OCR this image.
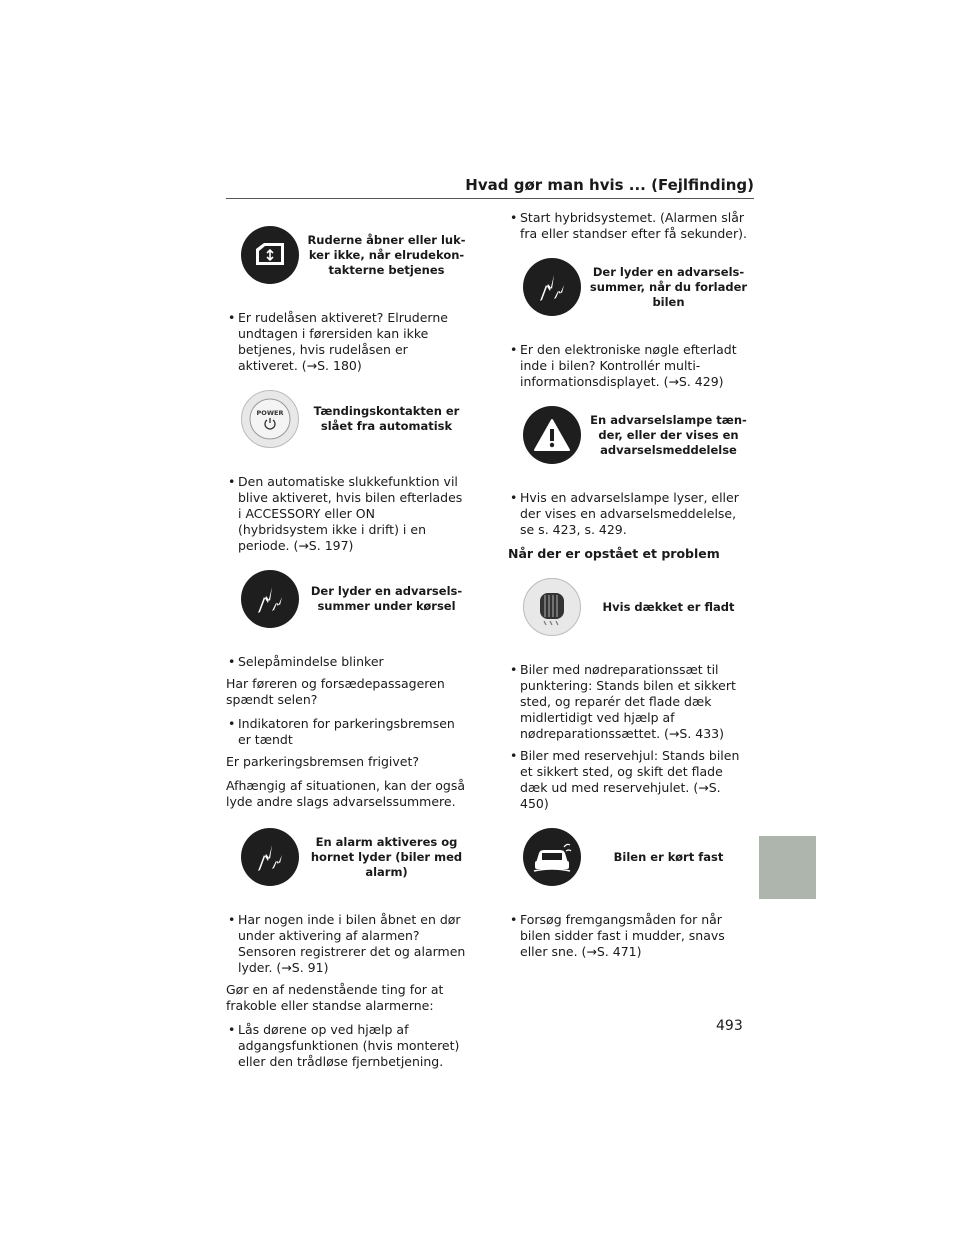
Hvad gør man hvis ... (Fejlfinding)
Ruderne åbner eller luk-ker ikke, når elrudekon-takterne betjenes
• Er rudelåsen aktiveret? Elruderne undtagen i førersiden kan ikke betjenes, hvis rudelåsen er aktiveret. (→S. 180)
POWER	Tændingskontakten er slået fra automatisk
• Den automatiske slukkefunktion vil blive aktiveret, hvis bilen efterlades i ACCESSORY eller ON (hybridsystem ikke i drift) i en periode. (→S. 197)
Der lyder en advarsels-summer under kørsel
• Selepåmindelse blinker

Har føreren og forsædepassageren spændt selen?

• Indikatoren for parkeringsbremsen er tændt

Er parkeringsbremsen frigivet?

Afhængig af situationen, kan der også lyde andre slags advarselssummere.

En alarm aktiveres og hornet lyder (biler med alarm)
• Har nogen inde i bilen åbnet en dør under aktivering af alarmen? Sensoren registrerer det og alarmen lyder. (→S. 91)

Gør en af nedenstående ting for at frakoble eller standse alarmerne:

• Lås dørene op ved hjælp af adgangsfunktionen (hvis monteret) eller den trådløse fjernbetjening.
• Start hybridsystemet. (Alarmen slår fra eller standser efter få sekunder).
Der lyder en advarsels-summer, når du forlader bilen
• Er den elektroniske nøgle efterladt inde i bilen? Kontrollér multi-informationsdisplayet. (→S. 429)
En advarselslampe tæn-der, eller der vises en advarselsmeddelelse
• Hvis en advarselslampe lyser, eller der vises en advarselsmeddelelse, se s. 423, s. 429.
Når der er opstået et problem
Hvis dækket er fladt
• Biler med nødreparationssæt til punktering: Stands bilen et sikkert sted, og reparér det flade dæk midlertidigt ved hjælp af nødreparationssættet. (→S. 433)
• Biler med reservehjul: Stands bilen et sikkert sted, og skift det flade dæk ud med reservehjulet. (→S. 450)
Bilen er kørt fast
• Forsøg fremgangsmåden for når bilen sidder fast i mudder, snavs eller sne. (→S. 471)
493
